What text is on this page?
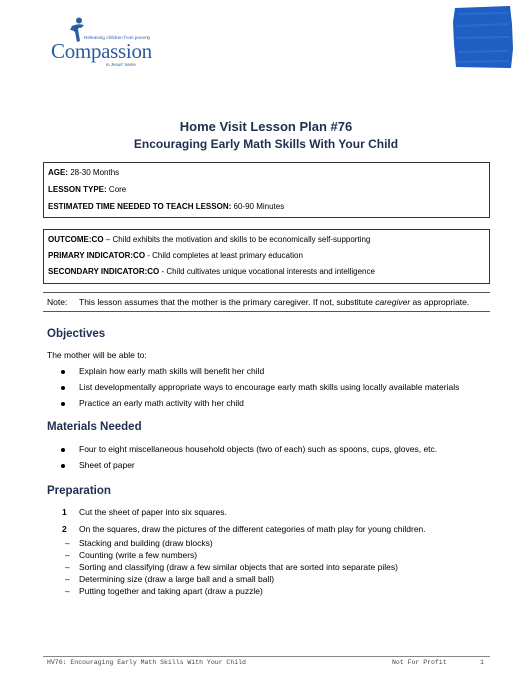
Releasing children from poverty
Compassion
in Jesus' name
Home Visit Lesson Plan #76
Encouraging Early Math Skills With Your Child
AGE: 28-30 Months
LESSON TYPE: Core
ESTIMATED TIME NEEDED TO TEACH LESSON: 60-90 Minutes
OUTCOME:CO – Child exhibits the motivation and skills to be economically self-supporting
PRIMARY INDICATOR:CO - Child completes at least primary education
SECONDARY INDICATOR:CO - Child cultivates unique vocational interests and intelligence
Note: This lesson assumes that the mother is the primary caregiver. If not, substitute caregiver as appropriate.
Objectives
The mother will be able to:
Explain how early math skills will benefit her child
List developmentally appropriate ways to encourage early math skills using locally available materials
Practice an early math activity with her child
Materials Needed
Four to eight miscellaneous household objects (two of each) such as spoons, cups, gloves, etc.
Sheet of paper
Preparation
1 Cut the sheet of paper into six squares.
2 On the squares, draw the pictures of the different categories of math play for young children.
– Stacking and building (draw blocks)
– Counting (write a few numbers)
– Sorting and classifying (draw a few similar objects that are sorted into separate piles)
– Determining size (draw a large ball and a small ball)
– Putting together and taking apart (draw a puzzle)
HV76: Encouraging Early Math Skills With Your Child	Not For Profit	1
